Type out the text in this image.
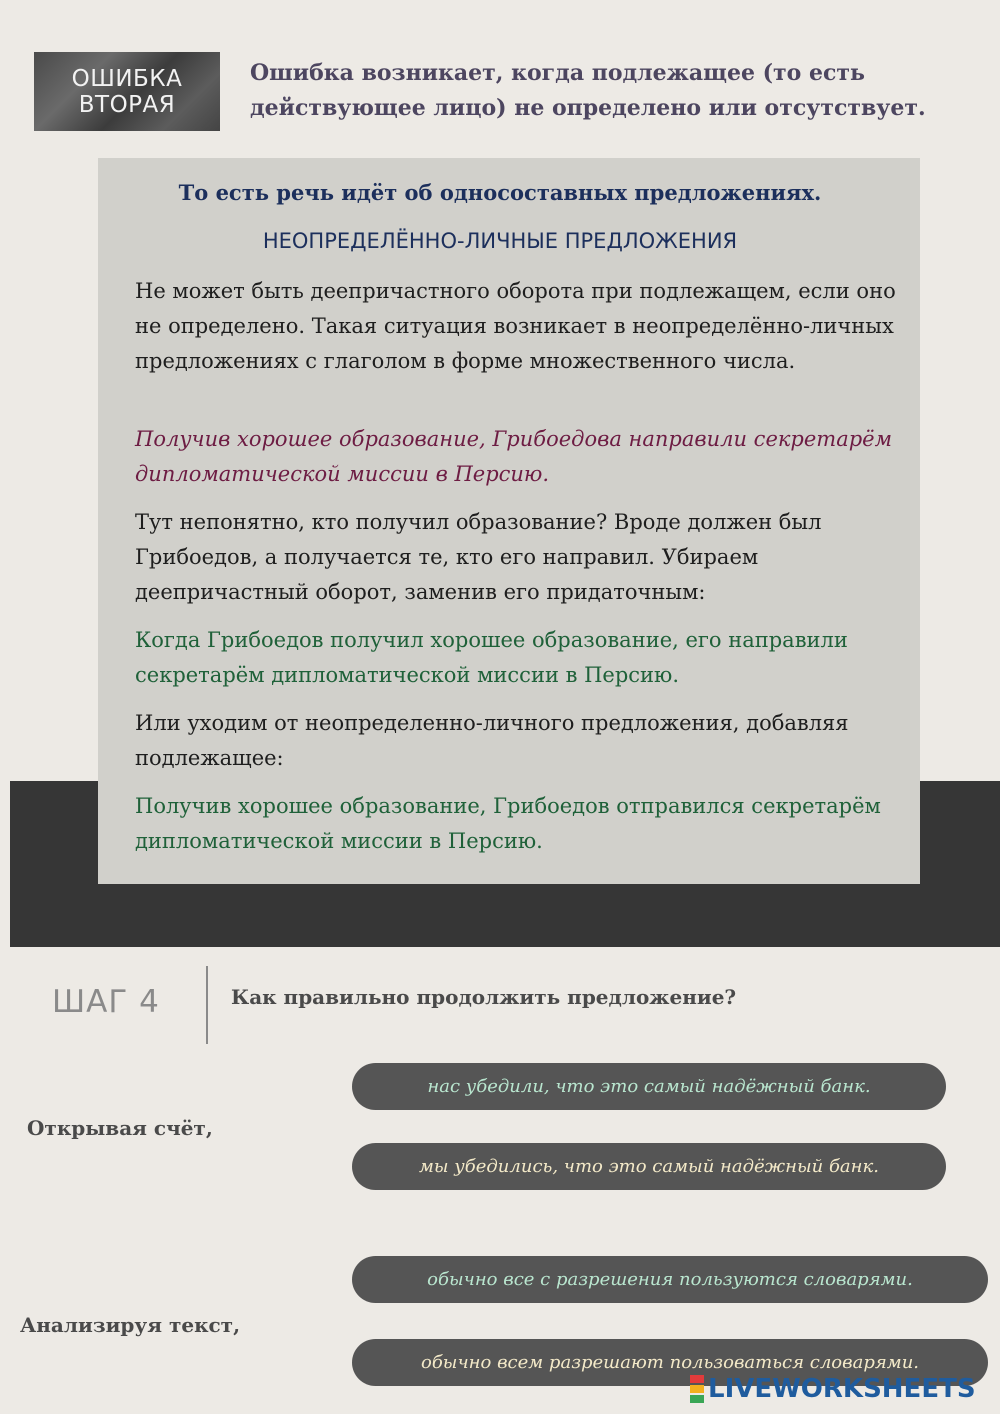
ОШИБКА
ВТОРАЯ
Ошибка возникает, когда подлежащее (то есть действующее лицо) не определено или отсутствует.
То есть речь идёт об односоставных предложениях.
НЕОПРЕДЕЛЁННО-ЛИЧНЫЕ ПРЕДЛОЖЕНИЯ
Не может быть деепричастного оборота при подлежащем, если оно не определено. Такая ситуация возникает в неопределённо-личных предложениях с глаголом в форме множественного числа.
Получив хорошее образование, Грибоедова направили секретарём дипломатической миссии в Персию.
Тут непонятно, кто получил образование? Вроде должен был Грибоедов, а получается те, кто его направил. Убираем деепричастный оборот, заменив его придаточным:
Когда Грибоедов получил хорошее образование, его направили секретарём дипломатической миссии в Персию.
Или уходим от неопределенно-личного предложения, добавляя подлежащее:
Получив хорошее образование, Грибоедов отправился секретарём дипломатической миссии в Персию.
ШАГ 4	Как правильно продолжить предложение?
Открывая счёт,
нас убедили, что это самый надёжный банк.
мы убедились, что это самый надёжный банк.
Анализируя текст,
обычно все с разрешения пользуются словарями.
обычно всем разрешают пользоваться словарями.
LIVEWORKSHEETS
